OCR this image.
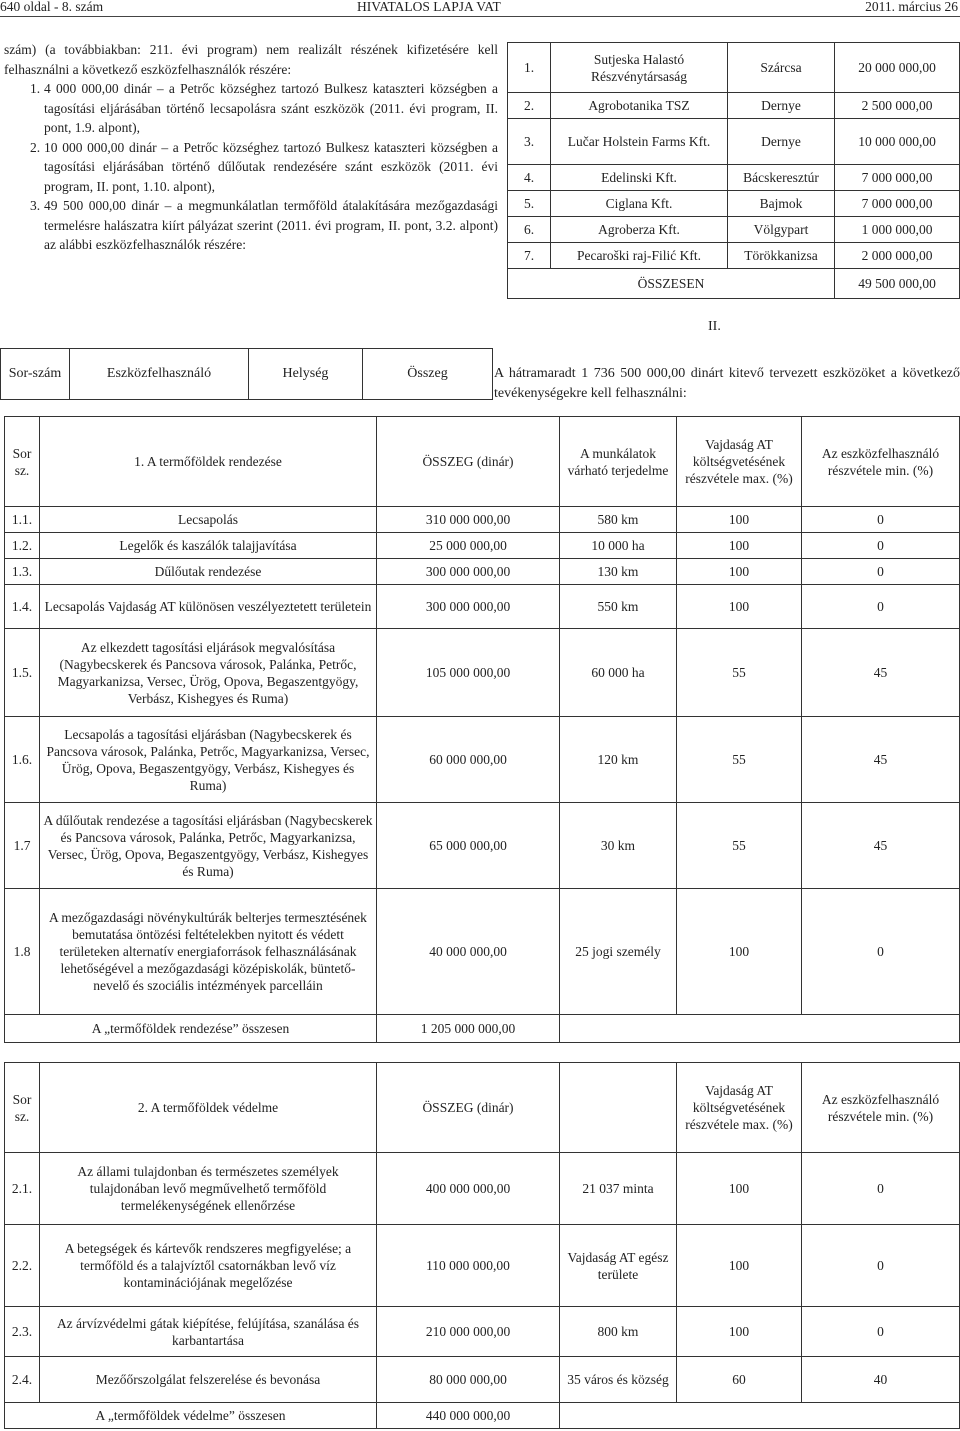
640 oldal - 8. szám	HIVATALOS LAPJA VAT	2011. március 26

szám) (a továbbiakban: 211. évi program) nem realizált részének kifizetésére kell felhasználni a következő eszközfelhasználók részére:

1. 4 000 000,00 dinár – a Petrőc községhez tartozó Bulkesz kataszteri községben a tagosítási eljárásában történő lecsapolásra szánt eszközök (2011. évi program, II. pont, 1.9. alpont),
2. 10 000 000,00 dinár – a Petrőc községhez tartozó Bulkesz kataszteri községben a tagosítási eljárásában történő dűlőutak rendezésére szánt eszközök (2011. évi program, II. pont, 1.10. alpont),
3. 49 500 000,00 dinár – a megmunkálatlan termőföld átalakítására mezőgazdasági termelésre halászatra kiírt pályázat szerint (2011. évi program, II. pont, 3.2. alpont) az alábbi eszközfelhasználók részére:
Sor-szám	Eszközfelhasználó	Helység	Összeg
1.	Sutjeska Halastó Részvénytársaság	Szárcsa	20 000 000,00
2.	Agrobotanika TSZ	Dernye	2 500 000,00
3.	Lučar Holstein Farms Kft.	Dernye	10 000 000,00
4.	Edelinski Kft.	Bácskeresztúr	7 000 000,00
5.	Ciglana Kft.	Bajmok	7 000 000,00
6.	Agroberza Kft.	Völgypart	1 000 000,00
7.	Pecaroški raj-Filić Kft.	Törökkanizsa	2 000 000,00
ÖSSZESEN			49 500 000,00
II.
A hátramaradt 1 736 500 000,00 dinárt kitevő tervezett eszközöket a következő tevékenységekre kell felhasználni:
Sor sz.	1. A termőföldek rendezése	ÖSSZEG (dinár)	A munkálatok várható terjedelme	Vajdaság AT költségvetésének részvétele max. (%)	Az eszközfelhasználó részvétele min. (%)
1.1.	Lecsapolás	310 000 000,00	580 km	100	0
1.2.	Legelők és kaszálók talajjavítása	25 000 000,00	10 000 ha	100	0
1.3.	Dűlőutak rendezése	300 000 000,00	130 km	100	0
1.4.	Lecsapolás Vajdaság AT különösen veszélyeztetett területein	300 000 000,00	550 km	100	0
1.5.	Az elkezdett tagosítási eljárások megvalósítása (Nagybecskerek és Pancsova városok, Palánka, Petrőc, Magyarkanizsa, Versec, Ürög, Opova, Begaszentgyögy, Verbász, Kishegyes és Ruma)	105 000 000,00	60 000 ha	55	45
1.6.	Lecsapolás a tagosítási eljárásban (Nagybecskerek és Pancsova városok, Palánka, Petrőc, Magyarkanizsa, Versec, Ürög, Opova, Begaszentgyögy, Verbász, Kishegyes és Ruma)	60 000 000,00	120 km	55	45
1.7	A dűlőutak rendezése a tagosítási eljárásban (Nagybecskerek és Pancsova városok, Palánka, Petrőc, Magyarkanizsa, Versec, Ürög, Opova, Begaszentgyögy, Verbász, Kishegyes és Ruma)	65 000 000,00	30 km	55	45
1.8	A mezőgazdasági növénykultúrák belterjes termesztésének bemutatása öntözési feltételekben nyitott és védett területeken alternatív energiaforrások felhasználásának lehetőségével a mezőgazdasági középiskolák, büntető-nevelő és szociális intézmények parcelláin	40 000 000,00	25 jogi személy	100	0
A „termőföldek rendezése” összesen		1 205 000 000,00			
Sor sz.	2. A termőföldek védelme	ÖSSZEG (dinár)		Vajdaság AT költségvetésének részvétele max. (%)	Az eszközfelhasználó részvétele min. (%)
2.1.	Az állami tulajdonban és természetes személyek tulajdonában levő megművelhető termőföld termelékenységének ellenőrzése	400 000 000,00	21 037 minta	100	0
2.2.	A betegségek és kártevők rendszeres megfigyelése; a termőföld és a talajvíztől csatornákban levő víz kontaminációjának megelőzése	110 000 000,00	Vajdaság AT egész területe	100	0
2.3.	Az árvízvédelmi gátak kiépítése, felújítása, szanálása és karbantartása	210 000 000,00	800 km	100	0
2.4.	Mezőőrszolgálat felszerelése és bevonása	80 000 000,00	35 város és község	60	40
A „termőföldek védelme” összesen		440 000 000,00			
